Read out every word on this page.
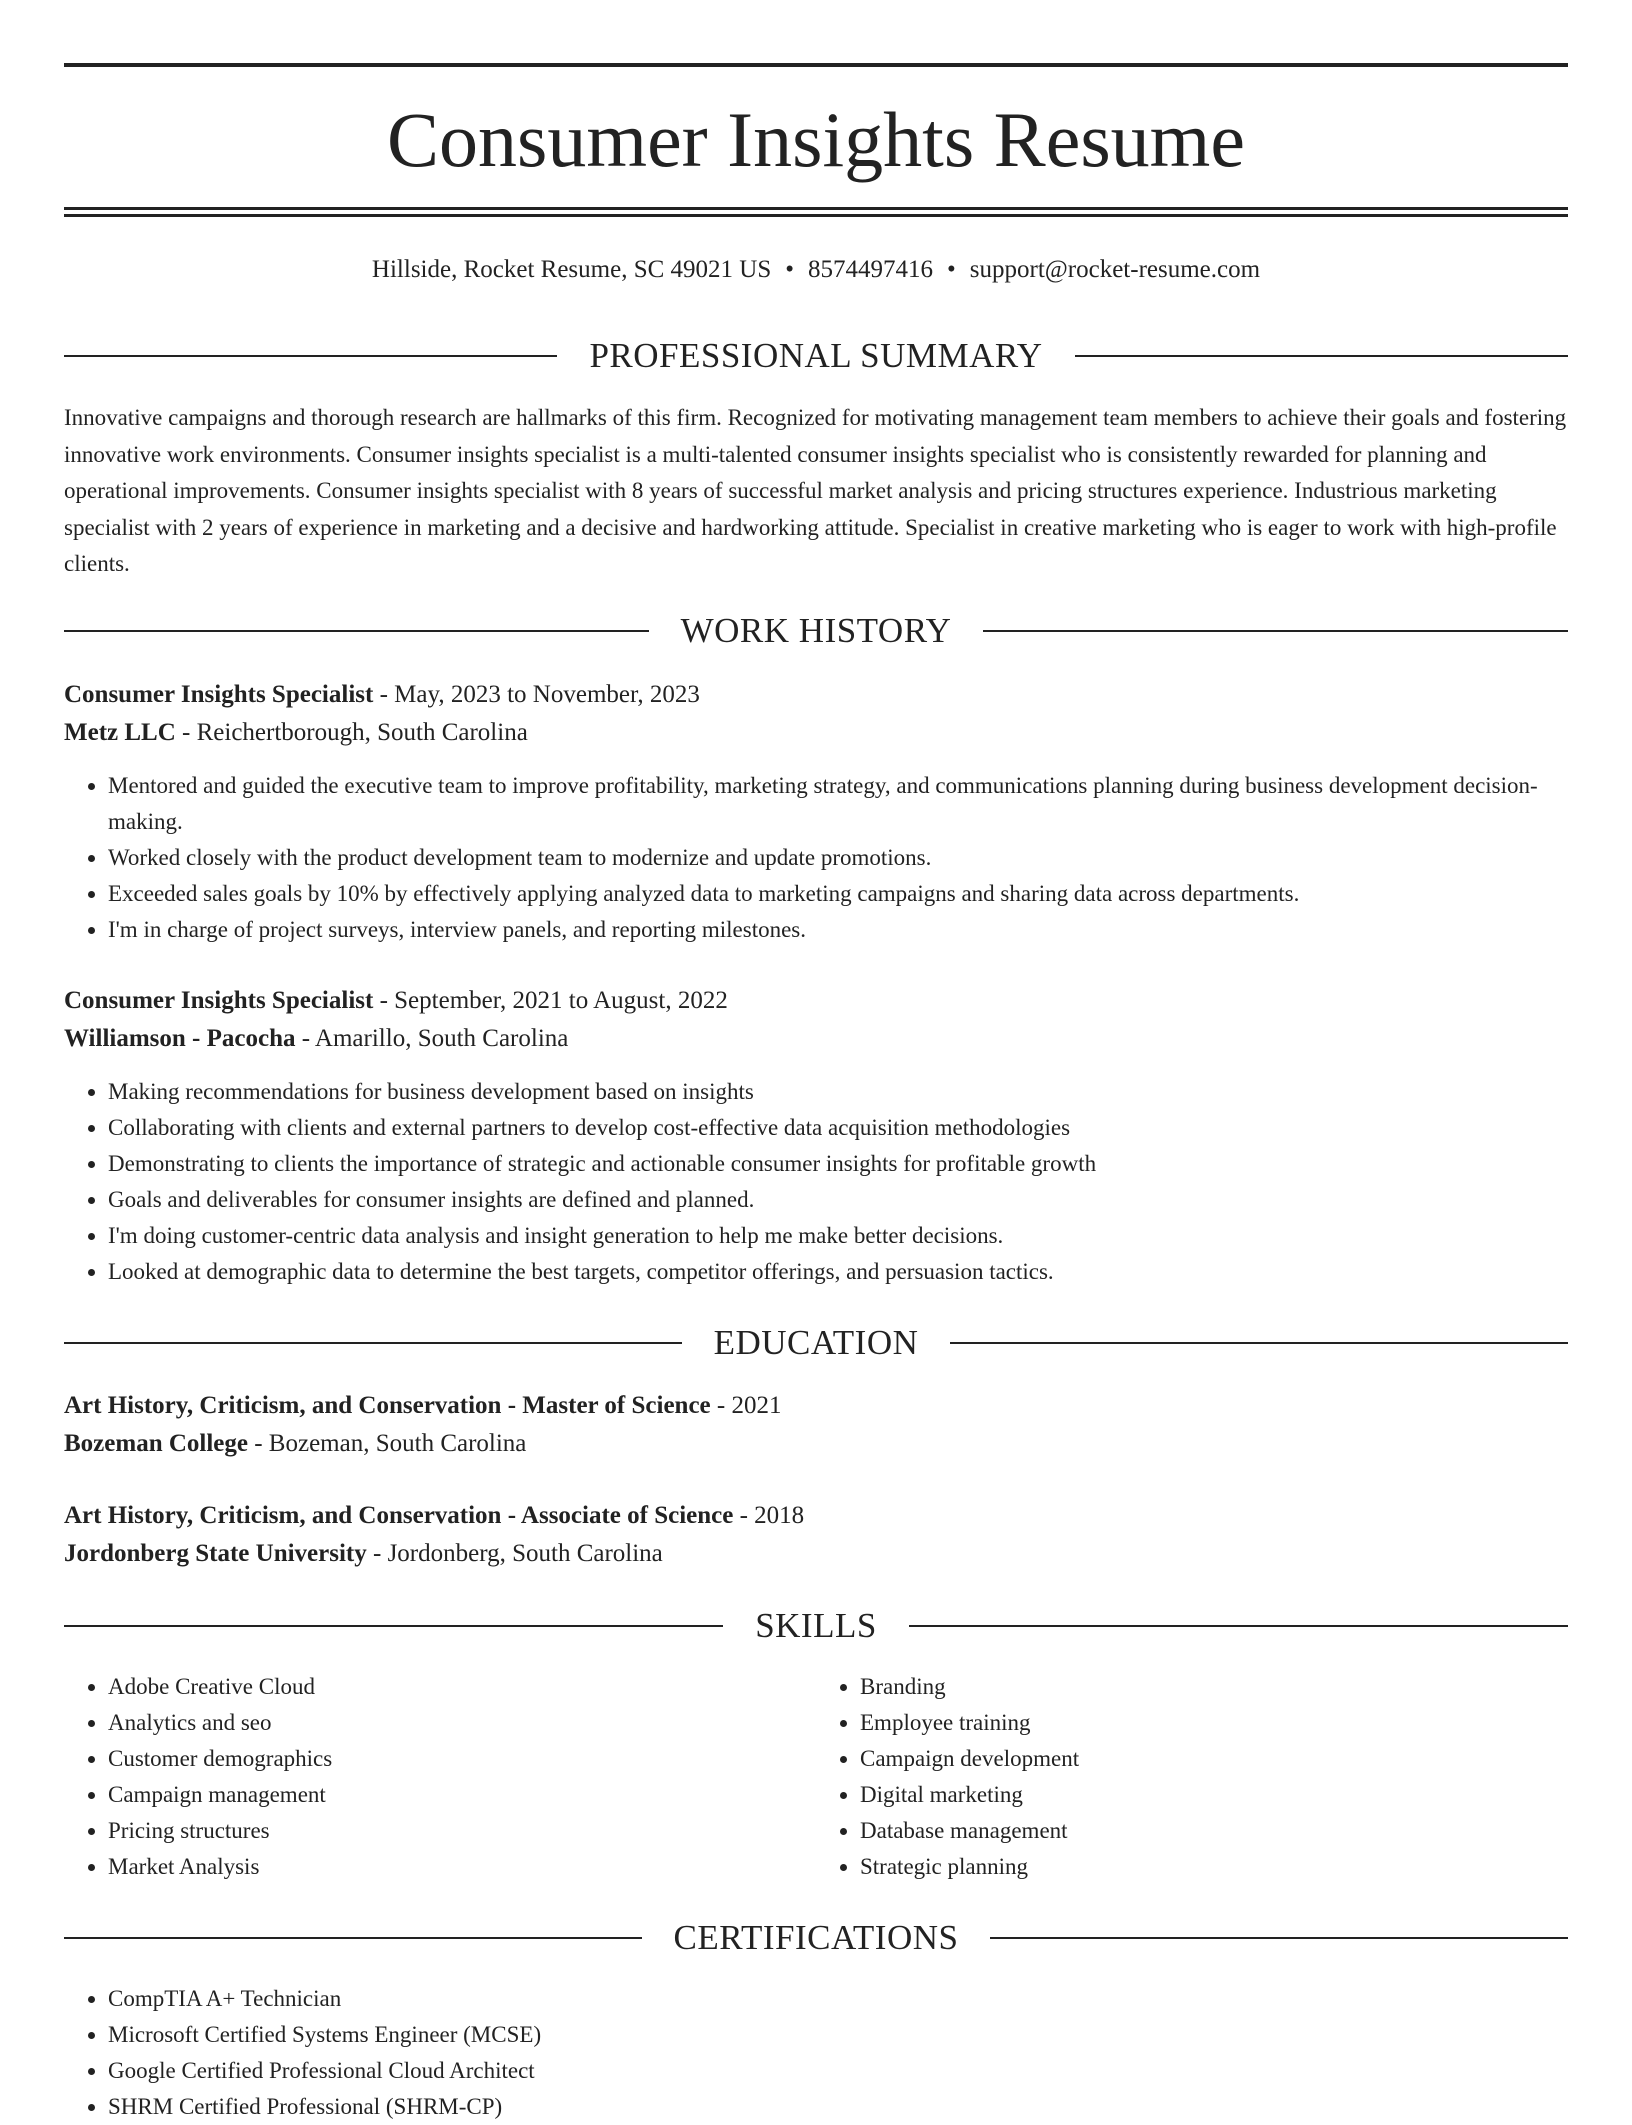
Consumer Insights Resume
Hillside, Rocket Resume, SC 49021 US • 8574497416 • support@rocket-resume.com
PROFESSIONAL SUMMARY

Innovative campaigns and thorough research are hallmarks of this firm. Recognized for motivating management team members to achieve their goals and fostering innovative work environments. Consumer insights specialist is a multi-talented consumer insights specialist who is consistently rewarded for planning and operational improvements. Consumer insights specialist with 8 years of successful market analysis and pricing structures experience. Industrious marketing specialist with 2 years of experience in marketing and a decisive and hardworking attitude. Specialist in creative marketing who is eager to work with high-profile clients.

WORK HISTORY

Consumer Insights Specialist - May, 2023 to November, 2023

Metz LLC - Reichertborough, South Carolina

• Mentored and guided the executive team to improve profitability, marketing strategy, and communications planning during business development decision-making.
• Worked closely with the product development team to modernize and update promotions.
• Exceeded sales goals by 10% by effectively applying analyzed data to marketing campaigns and sharing data across departments.
• I'm in charge of project surveys, interview panels, and reporting milestones.

Consumer Insights Specialist - September, 2021 to August, 2022

Williamson - Pacocha - Amarillo, South Carolina

• Making recommendations for business development based on insights
• Collaborating with clients and external partners to develop cost-effective data acquisition methodologies
• Demonstrating to clients the importance of strategic and actionable consumer insights for profitable growth
• Goals and deliverables for consumer insights are defined and planned.
• I'm doing customer-centric data analysis and insight generation to help me make better decisions.
• Looked at demographic data to determine the best targets, competitor offerings, and persuasion tactics.
EDUCATION

Art History, Criticism, and Conservation - Master of Science - 2021

Bozeman College - Bozeman, South Carolina

Art History, Criticism, and Conservation - Associate of Science - 2018

Jordonberg State University - Jordonberg, South Carolina

SKILLS
• Adobe Creative Cloud
• Analytics and seo
• Customer demographics
• Campaign management
• Pricing structures
• Market Analysis
• Branding
• Employee training
• Campaign development
• Digital marketing
• Database management
• Strategic planning
CERTIFICATIONS
• CompTIA A+ Technician
• Microsoft Certified Systems Engineer (MCSE)
• Google Certified Professional Cloud Architect
• SHRM Certified Professional (SHRM-CP)
